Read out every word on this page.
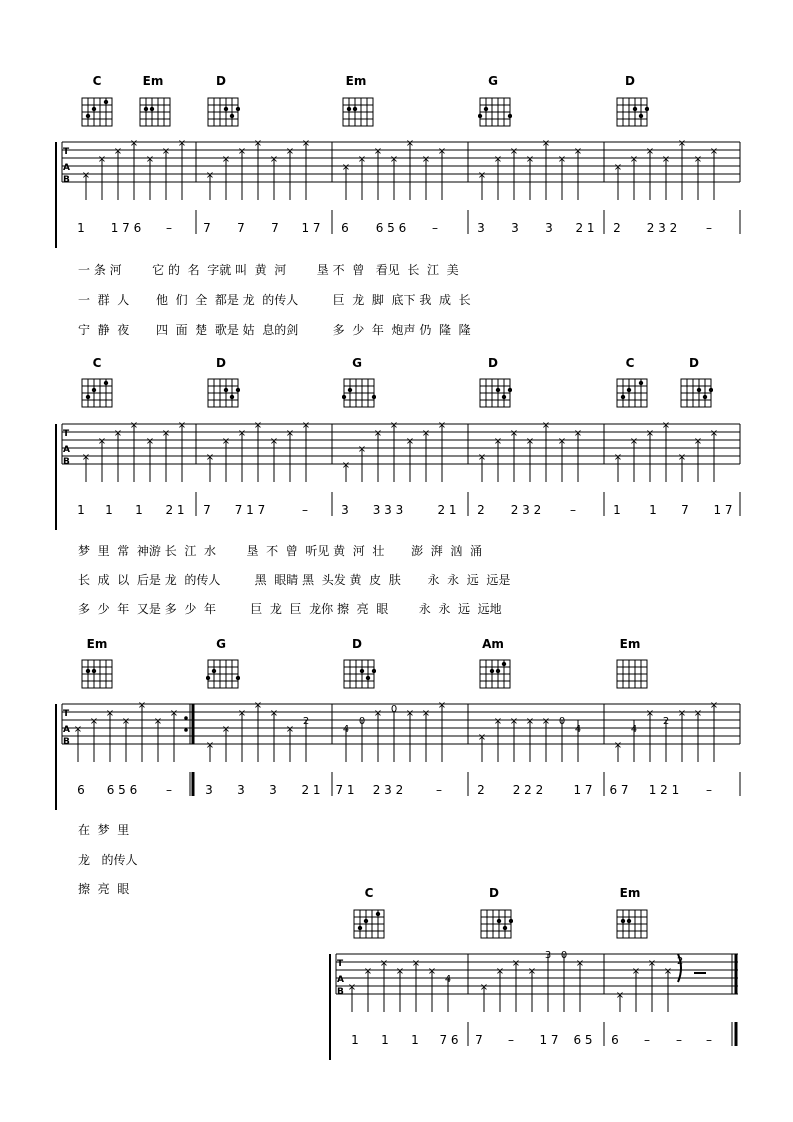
C	Em	D	Em	G	D
×
×
×
×
×
×
×
×
×
×
×
×
×
×
×
×
×
×
×
×
×
×
×
×
×
×
×
×
×
×
×
×
×
×
×
T
A
B
1	1 7 6	–	7 7 7 1 7 6	6 5 6	–	3 3 3 2 1 2	2 3 2	–
一 条 河        它 的  名  字就 叫  黄  河        垦 不  曾   看见  长  江  美
一  群  人       他  们  全  都是 龙  的传人         巨  龙  脚  底下 我  成  长
宁  静  夜       四  面  楚  歌是 姑  息的剑         多  少  年  炮声 仍  隆  隆
C	D	G	D	C	D
×
×
×
×
×
×
×
×
×
×
×
×
×
×
×
×
×
×
×
×
×
×
×
×
×
×
×
×
×
×
×
×
×
×
×
T
A
B
1 1 1 2 1 7	7 1 7	–	3	3 3 3	2 1 2	2 3 2	–	1 1 7 1 7
梦  里  常  神游 长  江  水        垦  不  曾  听见 黄  河  壮       澎  湃  汹  涌
长  成  以  后是 龙  的传人         黑  眼睛 黑  头发 黄  皮  肤       永  永  远  远是
多  少  年  又是 多  少  年         巨  龙  巨  龙你 擦  亮  眼        永  永  远  远地
Em	G	D	Am	Em
×
×
×
×
×
×
×
×
×
×
×
×
×
2
4
0
× 0 × ×
×
×
× × × × 0
4
×
4
×
2
× ×
×
T
A
B
6	6 5 6	–	3 3 3 2 1 7 1	2 3 2	–	2	2 2 2	1 7 6 7	1 2 1	–
在  梦  里
龙   的传人
擦  亮  眼	C	D	Em
×
×
×
×
×
×
4
×
×
×
×
3 0
×
×
×
×
×
2
T
A
B
1 1 1 7 6 7	–	1 7 6 5 6	–	–	–
